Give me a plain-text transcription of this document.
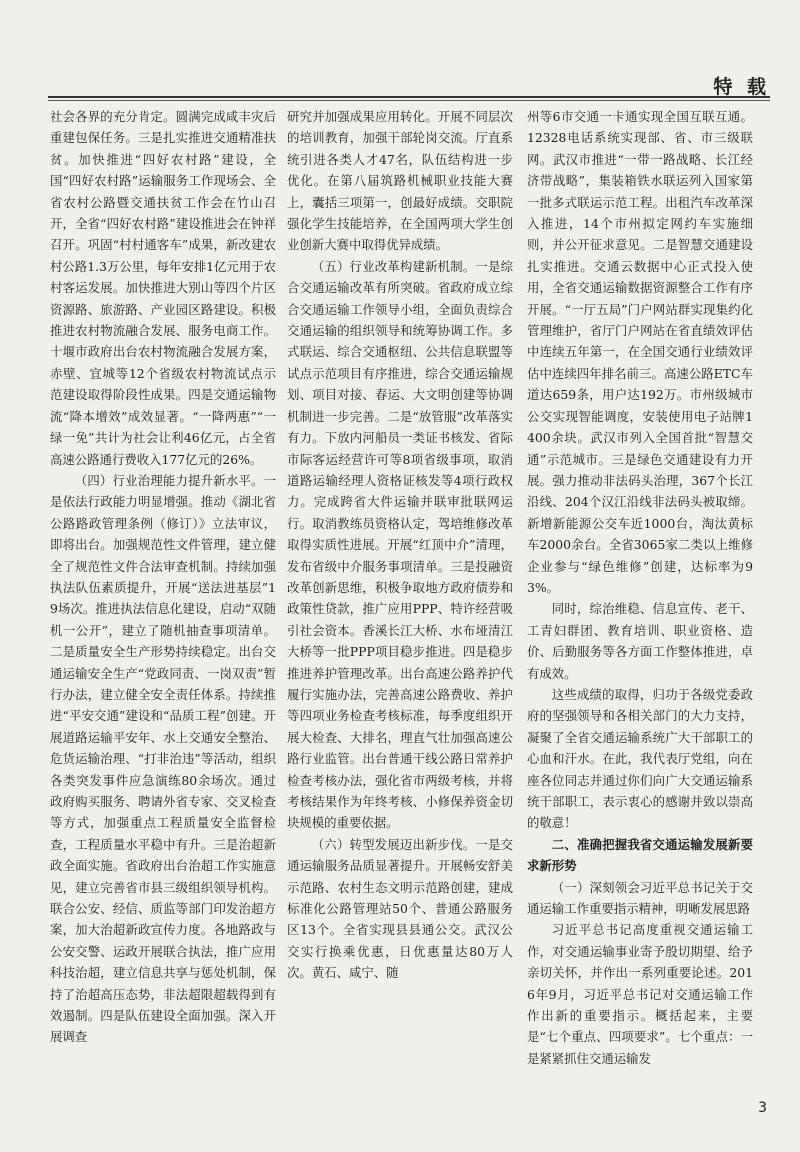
特 载

社会各界的充分肯定。圆满完成咸丰灾后重建包保任务。三是扎实推进交通精准扶贫。加快推进“四好农村路”建设，全国“四好农村路”运输服务工作现场会、全省农村公路暨交通扶贫工作会在竹山召开，全省“四好农村路”建设推进会在钟祥召开。巩固“村村通客车”成果，新改建农村公路1.3万公里，每年安排1亿元用于农村客运发展。加快推进大别山等四个片区资源路、旅游路、产业园区路建设。积极推进农村物流融合发展、服务电商工作。十堰市政府出台农村物流融合发展方案，赤壁、宜城等12个省级农村物流试点示范建设取得阶段性成果。四是交通运输物流“降本增效”成效显著。“一降两惠”“一绿一免”共计为社会让利46亿元，占全省高速公路通行费收入177亿元的26%。

（四）行业治理能力提升新水平。一是依法行政能力明显增强。推动《湖北省公路路政管理条例（修订）》立法审议，即将出台。加强规范性文件管理，建立健全了规范性文件合法审查机制。持续加强执法队伍素质提升，开展“送法进基层”19场次。推进执法信息化建设，启动“双随机一公开”，建立了随机抽查事项清单。二是质量安全生产形势持续稳定。出台交通运输安全生产“党政同责、一岗双责”暂行办法，建立健全安全责任体系。持续推进“平安交通”建设和“品质工程”创建。开展道路运输平安年、水上交通安全整治、危货运输治理、“打非治违”等活动，组织各类突发事件应急演练80余场次。通过政府购买服务、聘请外省专家、交叉检查等方式，加强重点工程质量安全监督检查，工程质量水平稳中有升。三是治超新政全面实施。省政府出台治超工作实施意见，建立完善省市县三级组织领导机构。联合公安、经信、质监等部门印发治超方案，加大治超新政宣传力度。各地路政与公安交警、运政开展联合执法，推广应用科技治超，建立信息共享与惩处机制，保持了治超高压态势，非法超限超载得到有效遏制。四是队伍建设全面加强。深入开展调查

研究并加强成果应用转化。开展不同层次的培训教育，加强干部轮岗交流。厅直系统引进各类人才47名，队伍结构进一步优化。在第八届筑路机械职业技能大赛上，囊括三项第一，创最好成绩。交职院强化学生技能培养，在全国两项大学生创业创新大赛中取得优异成绩。

（五）行业改革构建新机制。一是综合交通运输改革有所突破。省政府成立综合交通运输工作领导小组，全面负责综合交通运输的组织领导和统筹协调工作。多式联运、综合交通枢纽、公共信息联盟等试点示范项目有序推进，综合交通运输规划、项目对接、春运、大文明创建等协调机制进一步完善。二是“放管服”改革落实有力。下放内河船员一类证书核发、省际市际客运经营许可等8项省级事项，取消道路运输经理人资格证核发等4项行政权力。完成跨省大件运输并联审批联网运行。取消教练员资格认定，驾培维修改革取得实质性进展。开展“红顶中介”清理，发布省级中介服务事项清单。三是投融资改革创新思维，积极争取地方政府债券和政策性贷款，推广应用PPP、特许经营吸引社会资本。香溪长江大桥、水布垭清江大桥等一批PPP项目稳步推进。四是稳步推进养护管理改革。出台高速公路养护代履行实施办法，完善高速公路费收、养护等四项业务检查考核标准，每季度组织开展大检查、大排名，理直气壮加强高速公路行业监管。出台普通干线公路日常养护检查考核办法，强化省市两级考核，并将考核结果作为年终考核、小修保养资金切块规模的重要依据。

（六）转型发展迈出新步伐。一是交通运输服务品质显著提升。开展畅安舒美示范路、农村生态文明示范路创建，建成标准化公路管理站50个、普通公路服务区13个。全省实现县县通公交。武汉公交实行换乘优惠，日优惠量达80万人次。黄石、咸宁、随

州等6市交通一卡通实现全国互联互通。12328电话系统实现部、省、市三级联网。武汉市推进“一带一路战略、长江经济带战略”，集装箱铁水联运列入国家第一批多式联运示范工程。出租汽车改革深入推进，14个市州拟定网约车实施细则，并公开征求意见。二是智慧交通建设扎实推进。交通云数据中心正式投入使用，全省交通运输数据资源整合工作有序开展。“一厅五局”门户网站群实现集约化管理维护，省厅门户网站在省直绩效评估中连续五年第一，在全国交通行业绩效评估中连续四年排名前三。高速公路ETC车道达659条，用户达192万。市州级城市公交实现智能调度，安装使用电子站牌1400余块。武汉市列入全国首批“智慧交通”示范城市。三是绿色交通建设有力开展。强力推动非法码头治理，367个长江沿线、204个汉江沿线非法码头被取缔。新增新能源公交车近1000台，淘汰黄标车2000余台。全省3065家二类以上维修企业参与“绿色维修”创建，达标率为93%。

同时，综治维稳、信息宣传、老干、工青妇群团、教育培训、职业资格、造价、后勤服务等各方面工作整体推进，卓有成效。

这些成绩的取得，归功于各级党委政府的坚强领导和各相关部门的大力支持，凝聚了全省交通运输系统广大干部职工的心血和汗水。在此，我代表厅党组，向在座各位同志并通过你们向广大交通运输系统干部职工，表示衷心的感谢并致以崇高的敬意！

二、准确把握我省交通运输发展新要求新形势

（一）深刻领会习近平总书记关于交通运输工作重要指示精神，明晰发展思路

习近平总书记高度重视交通运输工作，对交通运输事业寄予殷切期望、给予亲切关怀，并作出一系列重要论述。2016年9月，习近平总书记对交通运输工作作出新的重要指示。概括起来，主要是“七个重点、四项要求”。七个重点：一是紧紧抓住交通运输发

3
